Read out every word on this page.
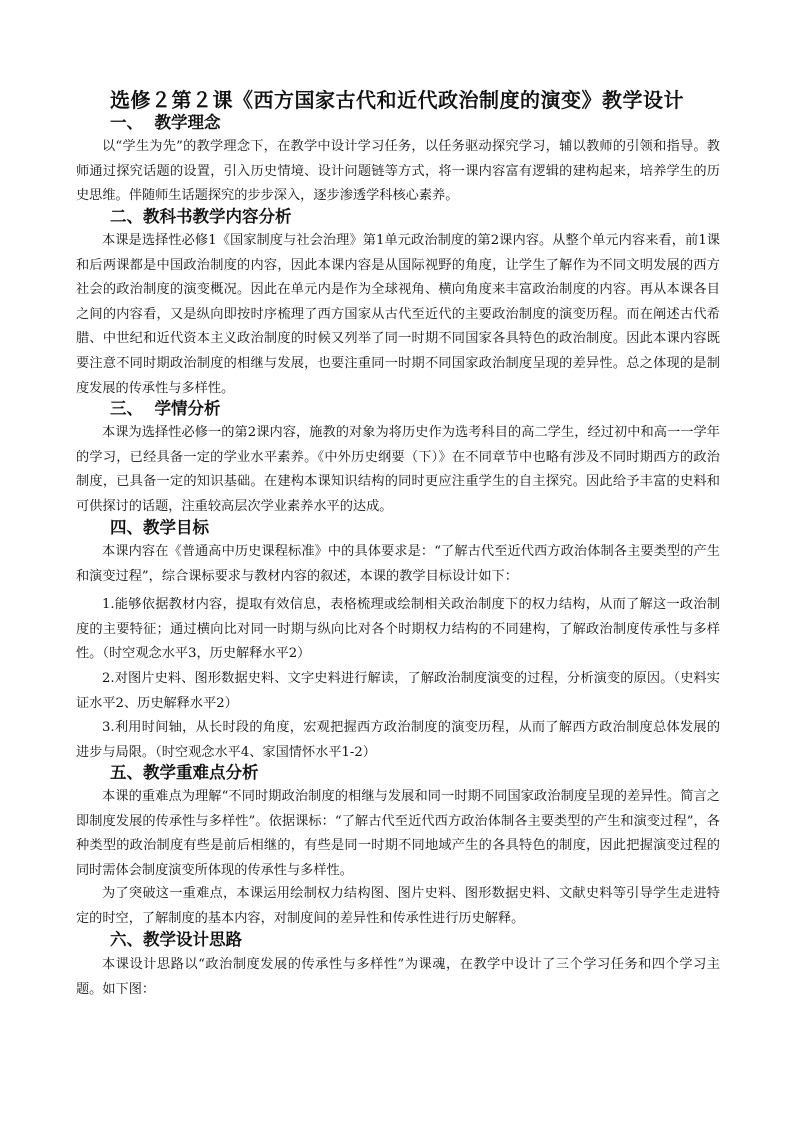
选修２第２课《西方国家古代和近代政治制度的演变》教学设计
一、  教学理念

以“学生为先”的教学理念下，在教学中设计学习任务，以任务驱动探究学习，辅以教师的引领和指导。教师通过探究话题的设置，引入历史情境、设计问题链等方式，将一课内容富有逻辑的建构起来，培养学生的历史思维。伴随师生话题探究的步步深入，逐步渗透学科核心素养。

二、教科书教学内容分析

本课是选择性必修1《国家制度与社会治理》第1单元政治制度的第2课内容。从整个单元内容来看，前1课和后两课都是中国政治制度的内容，因此本课内容是从国际视野的角度，让学生了解作为不同文明发展的西方社会的政治制度的演变概况。因此在单元内是作为全球视角、横向角度来丰富政治制度的内容。再从本课各目之间的内容看，又是纵向即按时序梳理了西方国家从古代至近代的主要政治制度的演变历程。而在阐述古代希腊、中世纪和近代资本主义政治制度的时候又列举了同一时期不同国家各具特色的政治制度。因此本课内容既要注意不同时期政治制度的相继与发展，也要注重同一时期不同国家政治制度呈现的差异性。总之体现的是制度发展的传承性与多样性。

三、  学情分析

本课为选择性必修一的第2课内容，施教的对象为将历史作为选考科目的高二学生，经过初中和高一一学年的学习，已经具备一定的学业水平素养。《中外历史纲要（下）》在不同章节中也略有涉及不同时期西方的政治制度，已具备一定的知识基础。在建构本课知识结构的同时更应注重学生的自主探究。因此给予丰富的史料和可供探讨的话题，注重较高层次学业素养水平的达成。

四、教学目标

本课内容在《普通高中历史课程标准》中的具体要求是：“了解古代至近代西方政治体制各主要类型的产生和演变过程”，综合课标要求与教材内容的叙述，本课的教学目标设计如下：

1.能够依据教材内容，提取有效信息，表格梳理或绘制相关政治制度下的权力结构，从而了解这一政治制度的主要特征；通过横向比对同一时期与纵向比对各个时期权力结构的不同建构，了解政治制度传承性与多样性。（时空观念水平3，历史解释水平2）

2.对图片史料、图形数据史料、文字史料进行解读，了解政治制度演变的过程，分析演变的原因。（史料实证水平2、历史解释水平2）

3.利用时间轴，从长时段的角度，宏观把握西方政治制度的演变历程，从而了解西方政治制度总体发展的进步与局限。（时空观念水平4、家国情怀水平1-2）

五、教学重难点分析

本课的重难点为理解“不同时期政治制度的相继与发展和同一时期不同国家政治制度呈现的差异性。简言之即制度发展的传承性与多样性”。依据课标：“了解古代至近代西方政治体制各主要类型的产生和演变过程”，各种类型的政治制度有些是前后相继的，有些是同一时期不同地域产生的各具特色的制度，因此把握演变过程的同时需体会制度演变所体现的传承性与多样性。

为了突破这一重难点，本课运用绘制权力结构图、图片史料、图形数据史料、文献史料等引导学生走进特定的时空，了解制度的基本内容，对制度间的差异性和传承性进行历史解释。

六、教学设计思路

本课设计思路以“政治制度发展的传承性与多样性”为课魂，在教学中设计了三个学习任务和四个学习主题。如下图：
